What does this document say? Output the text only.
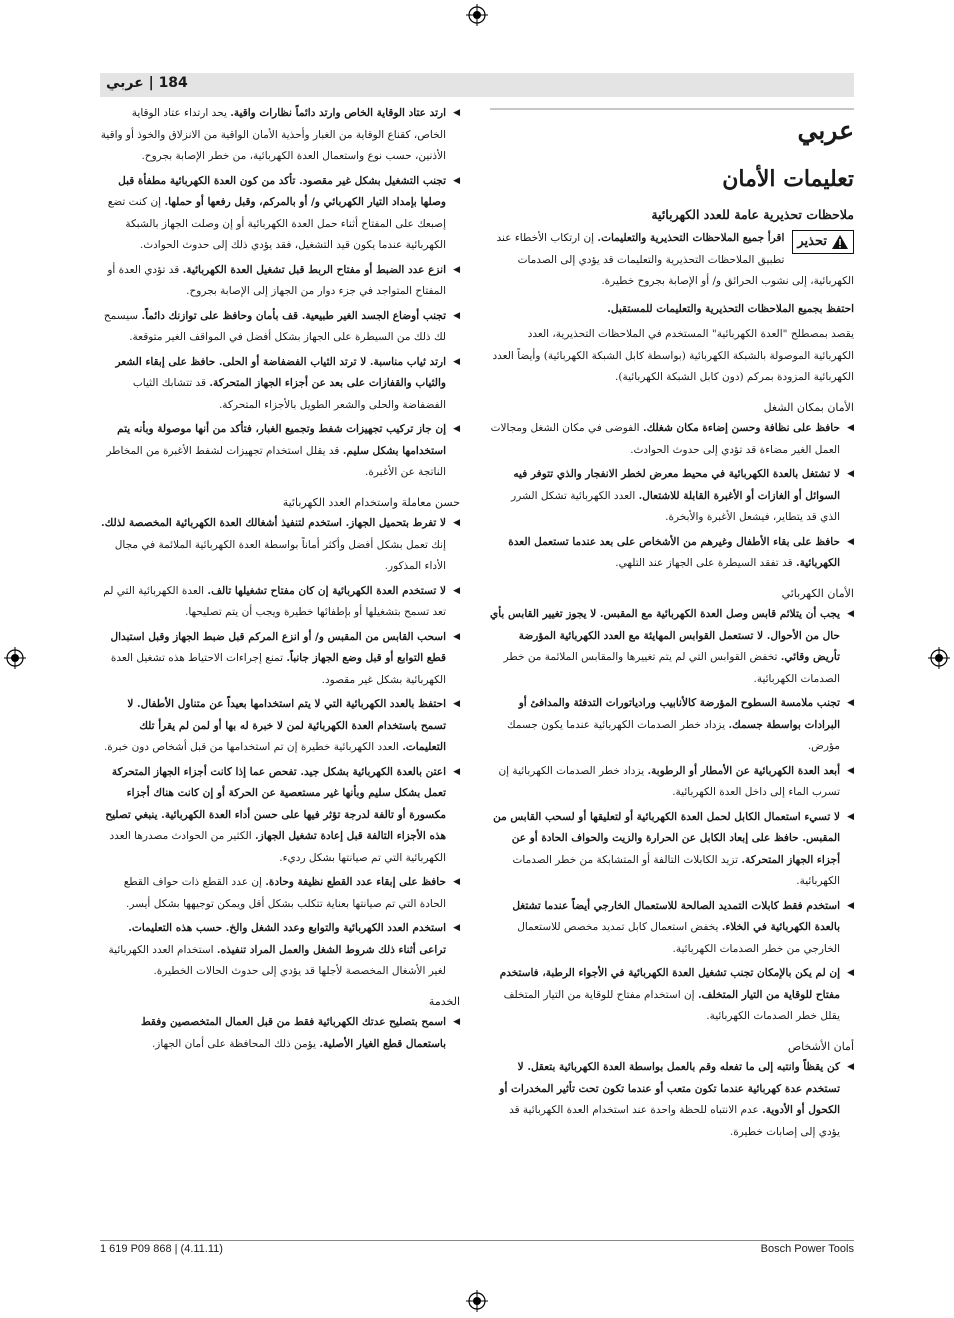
184 | عربي
عربي
تعليمات الأمان
ملاحظات تحذيرية عامة للعدد الكهربائية
تحذير
اقرأ جميع الملاحظات التحذيرية والتعليمات. إن ارتكاب الأخطاء عند تطبيق الملاحظات التحذيرية والتعليمات قد يؤدي إلى الصدمات الكهربائية، إلى نشوب الحرائق و/ أو الإصابة بجروح خطيرة.
احتفظ بجميع الملاحظات التحذيرية والتعليمات للمستقبل.
يقصد بمصطلح "العدة الكهربائية" المستخدم في الملاحظات التحذيرية، العدد الكهربائية الموصولة بالشبكة الكهربائية (بواسطة كابل الشبكة الكهربائية) وأيضاً العدد الكهربائية المزودة بمركم (دون كابل الشبكة الكهربائية).
الأمان بمكان الشغل
◀
حافظ على نظافة وحسن إضاءة مكان شغلك. الفوضى في مكان الشغل ومجالات العمل الغير مضاءة قد تؤدي إلى حدوث الحوادث.
◀
لا تشتغل بالعدة الكهربائية في محيط معرض لخطر الانفجار والذي تتوفر فيه السوائل أو الغازات أو الأغبرة القابلة للاشتعال. العدد الكهربائية تشكل الشرر الذي قد يتطاير، فيشعل الأغبرة والأبخرة.
◀
حافظ على بقاء الأطفال وغيرهم من الأشخاص على بعد عندما تستعمل العدة الكهربائية. قد تفقد السيطرة على الجهاز عند التلهي.
الأمان الكهربائي
◀
يجب أن يتلائم قابس وصل العدة الكهربائية مع المقبس. لا يجوز تغيير القابس بأي حال من الأحوال. لا تستعمل القوابس المهايئة مع العدد الكهربائية المؤرضة تأريض وقائي. تخفض القوابس التي لم يتم تغييرها والمقابس الملائمة من خطر الصدمات الكهربائية.
◀
تجنب ملامسة السطوح المؤرضة كالأنابيب ورادياتورات التدفئة والمدافئ أو البرادات بواسطة جسمك. يزداد خطر الصدمات الكهربائية عندما يكون جسمك مؤرض.
◀
أبعد العدة الكهربائية عن الأمطار أو الرطوبة. يزداد خطر الصدمات الكهربائية إن تسرب الماء إلى داخل العدة الكهربائية.
◀
لا تسيء استعمال الكابل لحمل العدة الكهربائية أو لتعليقها أو لسحب القابس من المقبس. حافظ على إبعاد الكابل عن الحرارة والزيت والحواف الحادة أو عن أجزاء الجهاز المتحركة. تزيد الكابلات التالفة أو المتشابكة من خطر الصدمات الكهربائية.
◀
استخدم فقط كابلات التمديد الصالحة للاستعمال الخارجي أيضاً عندما تشتغل بالعدة الكهربائية في الخلاء. يخفض استعمال كابل تمديد مخصص للاستعمال الخارجي من خطر الصدمات الكهربائية.
◀
إن لم يكن بالإمكان تجنب تشغيل العدة الكهربائية في الأجواء الرطبة، فاستخدم مفتاح للوقاية من التيار المتخلف. إن استخدام مفتاح للوقاية من التيار المتخلف يقلل خطر الصدمات الكهربائية.
أمان الأشخاص
◀
كن يقظاً وانتبه إلى ما تفعله وقم بالعمل بواسطة العدة الكهربائية بتعقل. لا تستخدم عدة كهربائية عندما تكون متعب أو عندما تكون تحت تأثير المخدرات أو الكحول أو الأدوية. عدم الانتباه للحظة واحدة عند استخدام العدة الكهربائية قد يؤدي إلى إصابات خطيرة.
◀
ارتد عتاد الوقاية الخاص وارتد دائماً نظارات واقية. يحد ارتداء عتاد الوقاية الخاص، كقناع الوقاية من الغبار وأحذية الأمان الواقية من الانزلاق والخوذ أو واقية الأذنين، حسب نوع واستعمال العدة الكهربائية، من خطر الإصابة بجروح.
◀
تجنب التشغيل بشكل غير مقصود. تأكد من كون العدة الكهربائية مطفأة قبل وصلها بإمداد التيار الكهربائي و/ أو بالمركم، وقبل رفعها أو حملها. إن كنت تضع إصبعك على المفتاح أثناء حمل العدة الكهربائية أو إن وصلت الجهاز بالشبكة الكهربائية عندما يكون قيد التشغيل، فقد يؤدي ذلك إلى حدوث الحوادث.
◀
انزع عدد الضبط أو مفتاح الربط قبل تشغيل العدة الكهربائية. قد تؤدي العدة أو المفتاح المتواجد في جزء دوار من الجهاز إلى الإصابة بجروح.
◀
تجنب أوضاع الجسد الغير طبيعية. قف بأمان وحافظ على توازنك دائماً. سيسمح لك ذلك من السيطرة على الجهاز بشكل أفضل في المواقف الغير متوقعة.
◀
ارتد ثياب مناسبة. لا ترتد الثياب الفضفاضة أو الحلى. حافظ على إبقاء الشعر والثياب والقفازات على بعد عن أجزاء الجهاز المتحركة. قد تتشابك الثياب الفضفاضة والحلى والشعر الطويل بالأجزاء المتحركة.
◀
إن جاز تركيب تجهيزات شفط وتجميع الغبار، فتأكد من أنها موصولة وبأنه يتم استخدامها بشكل سليم. قد يقلل استخدام تجهيزات لشفط الأغبرة من المخاطر الناتجة عن الأغبرة.
حسن معاملة واستخدام العدد الكهربائية
◀
لا تفرط بتحميل الجهاز. استخدم لتنفيذ أشغالك العدة الكهربائية المخصصة لذلك. إنك تعمل بشكل أفضل وأكثر أماناً بواسطة العدة الكهربائية الملائمة في مجال الأداء المذكور.
◀
لا تستخدم العدة الكهربائية إن كان مفتاح تشغيلها تالف. العدة الكهربائية التي لم تعد تسمح بتشغيلها أو بإطفائها خطيرة ويجب أن يتم تصليحها.
◀
اسحب القابس من المقبس و/ أو انزع المركم قبل ضبط الجهاز وقبل استبدال قطع التوابع أو قبل وضع الجهاز جانباً. تمنع إجراءات الاحتياط هذه تشغيل العدة الكهربائية بشكل غير مقصود.
◀
احتفظ بالعدد الكهربائية التي لا يتم استخدامها بعيداً عن متناول الأطفال. لا تسمح باستخدام العدة الكهربائية لمن لا خبرة له بها أو لمن لم يقرأ تلك التعليمات. العدد الكهربائية خطيرة إن تم استخدامها من قبل أشخاص دون خبرة.
◀
اعتن بالعدة الكهربائية بشكل جيد. تفحص عما إذا كانت أجزاء الجهاز المتحركة تعمل بشكل سليم وبأنها غير مستعصية عن الحركة أو إن كانت هناك أجزاء مكسورة أو تالفة لدرجة تؤثر فيها على حسن أداء العدة الكهربائية. ينبغي تصليح هذه الأجزاء التالفة قبل إعادة تشغيل الجهاز. الكثير من الحوادث مصدرها العدد الكهربائية التي تم صيانتها بشكل رديء.
◀
حافظ على إبقاء عدد القطع نظيفة وحادة. إن عدد القطع ذات حواف القطع الحادة التي تم صيانتها بعناية تتكلب بشكل أقل ويمكن توجيهها بشكل أيسر.
◀
استخدم العدد الكهربائية والتوابع وعدد الشغل والخ. حسب هذه التعليمات. تراعى أثناء ذلك شروط الشغل والعمل المراد تنفيذه. استخدام العدد الكهربائية لغير الأشغال المخصصة لأجلها قد يؤدي إلى حدوث الحالات الخطيرة.
الخدمة
◀
اسمح بتصليح عدتك الكهربائية فقط من قبل العمال المتخصصين وفقط باستعمال قطع الغيار الأصلية. يؤمن ذلك المحافظة على أمان الجهاز.
1 619 P09 868 | (4.11.11)	Bosch Power Tools
